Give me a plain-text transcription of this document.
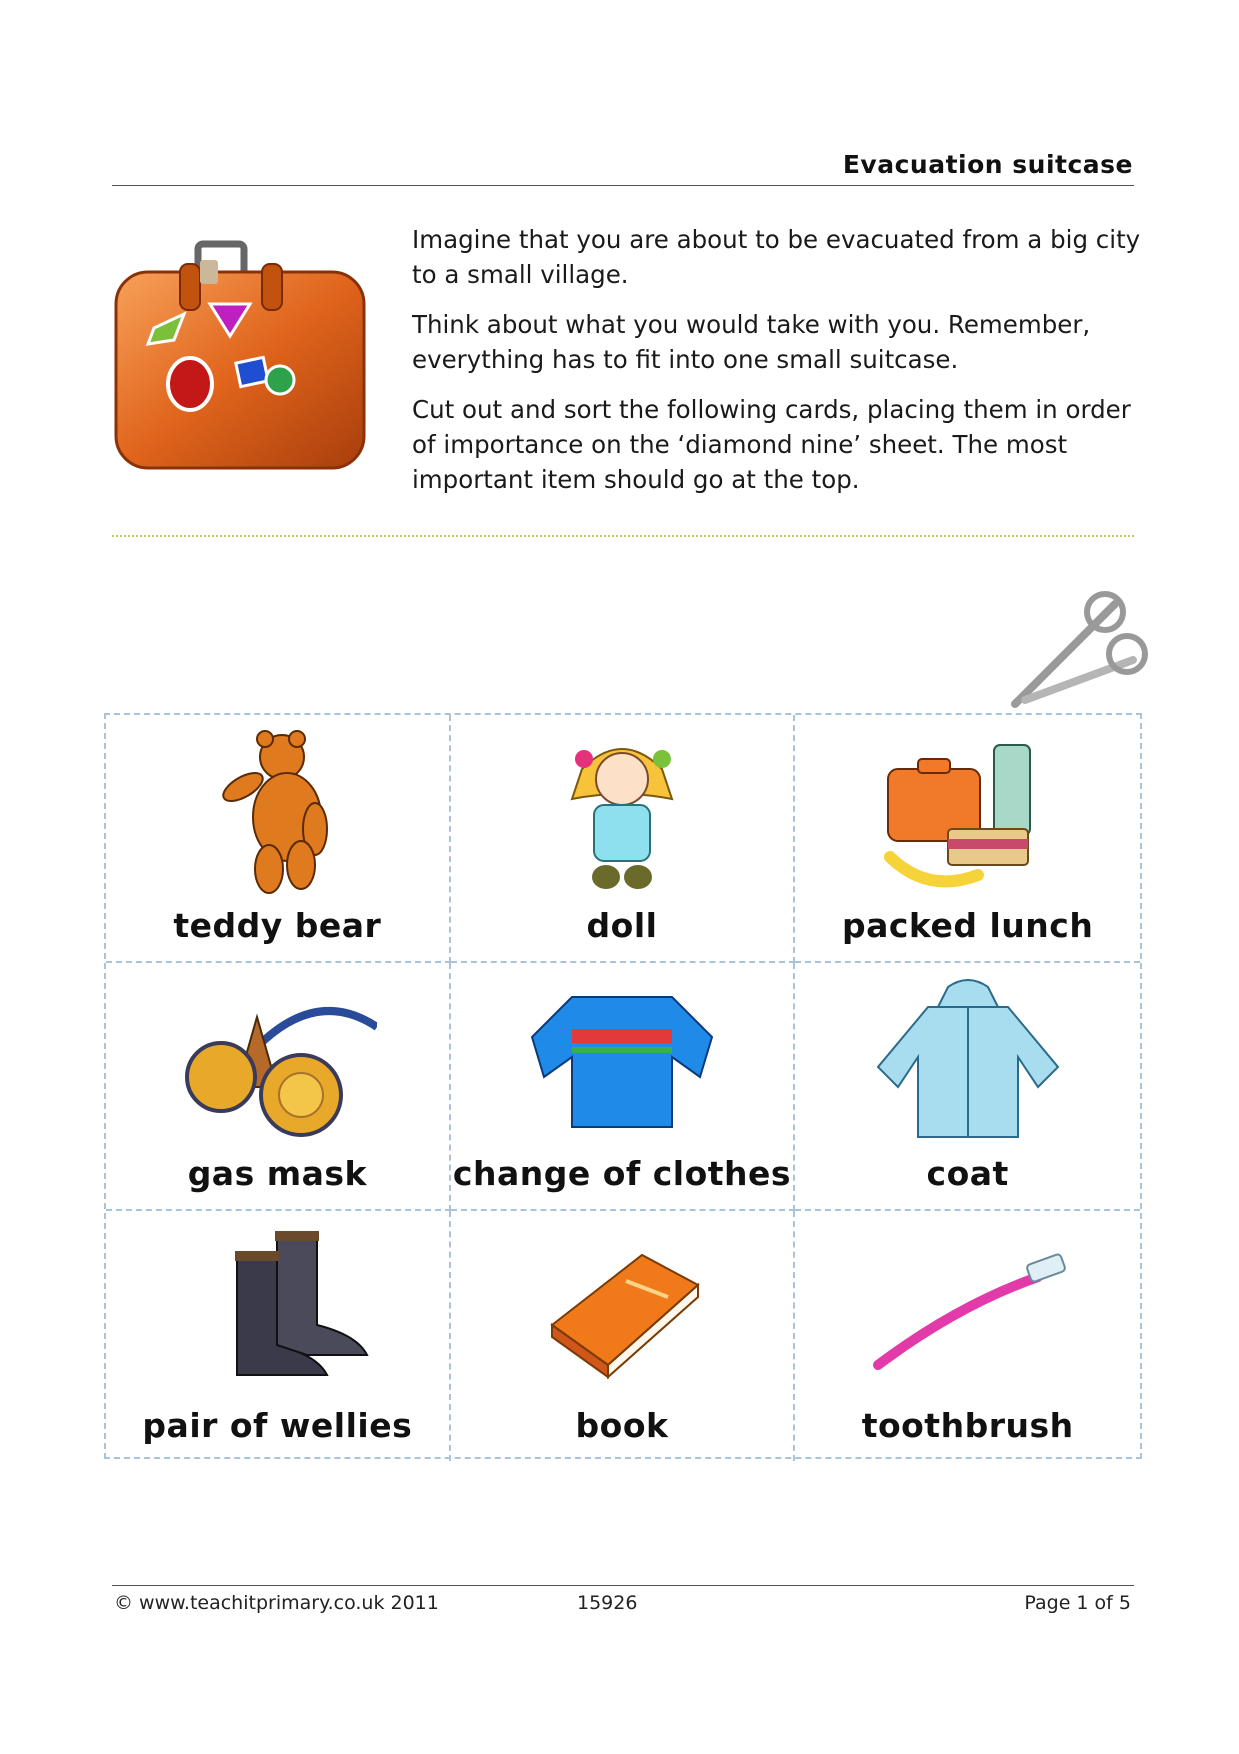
Evacuation suitcase

Imagine that you are about to be evacuated from a big city to a small village.

Think about what you would take with you. Remember, everything has to fit into one small suitcase.

Cut out and sort the following cards, placing them in order of importance on the ‘diamond nine’ sheet. The most important item should go at the top.

teddy bear	doll	packed lunch
gas mask	change of clothes	coat
pair of wellies	book	toothbrush
© www.teachitprimary.co.uk 2011	15926	Page 1 of 5
